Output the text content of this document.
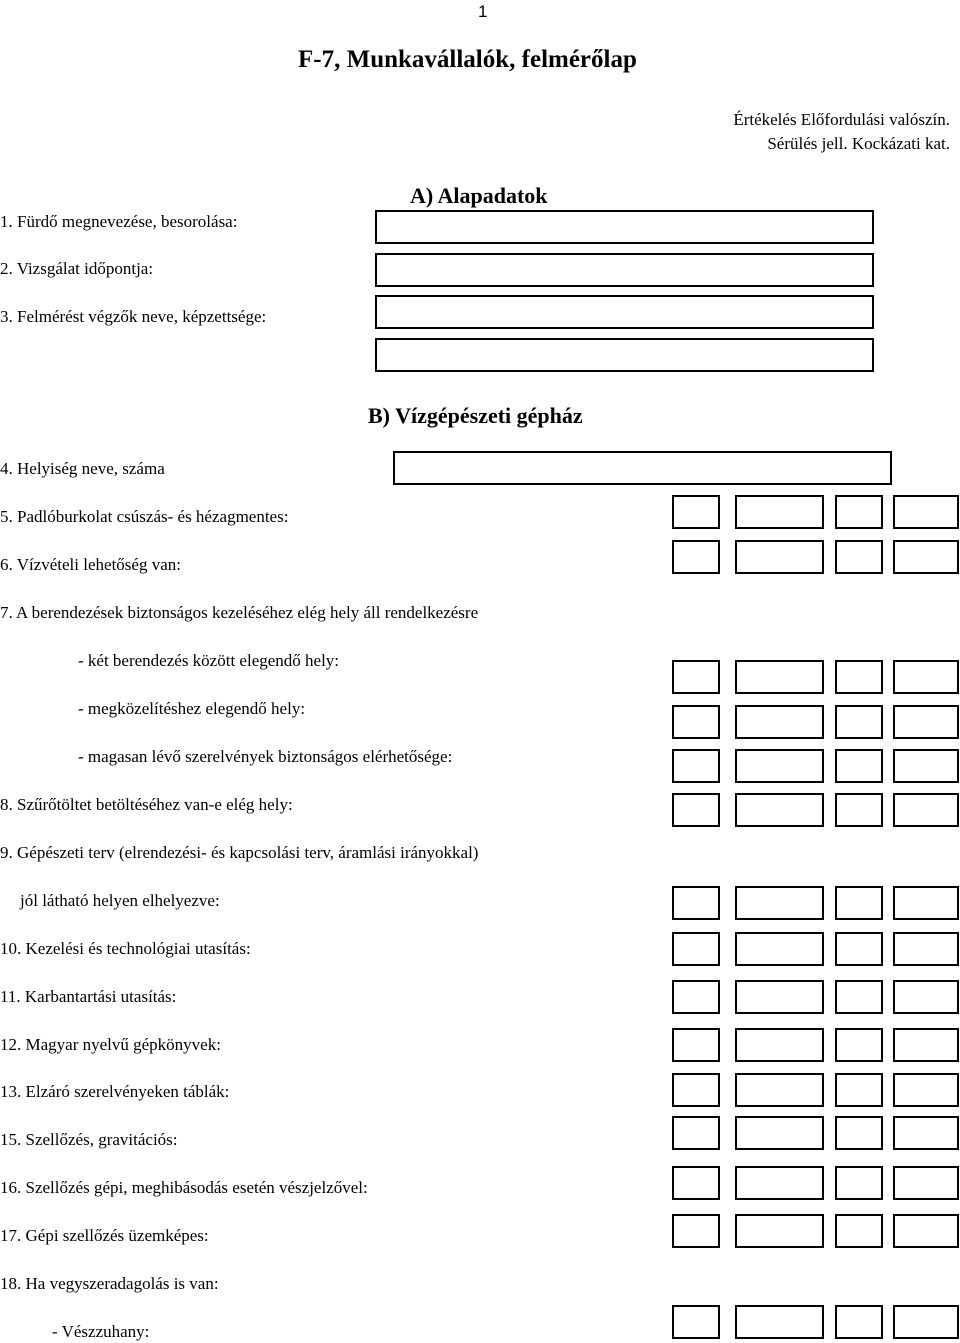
1
F-7, Munkavállalók, felmérőlap
Értékelés Előfordulási valószín.
Sérülés jell. Kockázati kat.
A) Alapadatok
1. Fürdő megnevezése, besorolása:
2. Vizsgálat időpontja:
3. Felmérést végzők neve, képzettsége:
B) Vízgépészeti gépház
4. Helyiség neve, száma
5. Padlóburkolat csúszás- és hézagmentes:
6. Vízvételi lehetőség van:
7. A berendezések biztonságos kezeléséhez elég hely áll rendelkezésre
- két berendezés között elegendő hely:
- megközelítéshez elegendő hely:
- magasan lévő szerelvények biztonságos elérhetősége:
8. Szűrőtöltet betöltéséhez van-e elég hely:
9. Gépészeti terv (elrendezési- és kapcsolási terv, áramlási irányokkal)
jól látható helyen elhelyezve:
10. Kezelési és technológiai utasítás:
11. Karbantartási utasítás:
12. Magyar nyelvű gépkönyvek:
13. Elzáró szerelvényeken táblák:
15. Szellőzés, gravitációs:
16. Szellőzés gépi, meghibásodás esetén vészjelzővel:
17. Gépi szellőzés üzemképes:
18. Ha vegyszeradagolás is van:
- Vészzuhany:
